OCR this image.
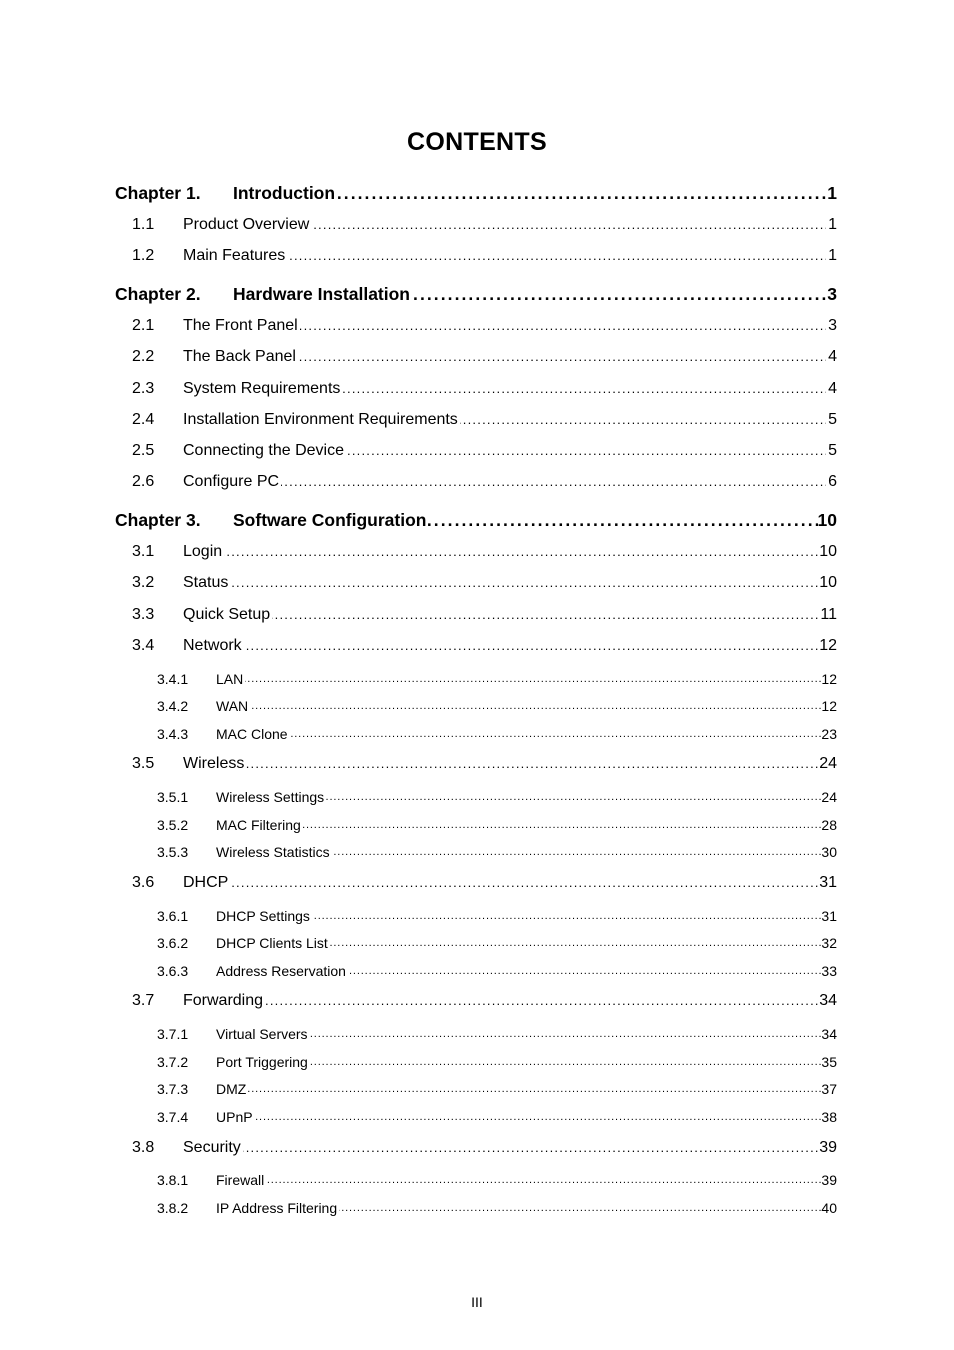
CONTENTS
. . .
Chapter 1. Introduction	1
. . .
1.1 Product Overview	1
. . .
1.2 Main Features	1
. . .
Chapter 2. Hardware Installation	3
. . .
2.1 The Front Panel	3
. . .
2.2 The Back Panel	4
. . .
2.3 System Requirements	4
. . .
2.4 Installation Environment Requirements	5
. . .
2.5 Connecting the Device	5
. . .
2.6 Configure PC	6
. . .
Chapter 3. Software Configuration	10
. . .
3.1 Login	10
. . .
3.2 Status	10
. . .
3.3 Quick Setup	11
. . .
3.4 Network	12
. . .
3.4.1 LAN	12
. . .
3.4.2 WAN	12
. . .
3.4.3 MAC Clone	23
. . .
3.5 Wireless	24
. . .
3.5.1 Wireless Settings	24
. . .
3.5.2 MAC Filtering	28
. . .
3.5.3 Wireless Statistics	30
. . .
3.6 DHCP	31
. . .
3.6.1 DHCP Settings	31
. . .
3.6.2 DHCP Clients List	32
. . .
3.6.3 Address Reservation	33
. . .
3.7 Forwarding	34
. . .
3.7.1 Virtual Servers	34
. . .
3.7.2 Port Triggering	35
. . .
3.7.3 DMZ	37
. . .
3.7.4 UPnP	38
. . .
3.8 Security	39
. . .
3.8.1 Firewall	39
. . .
3.8.2 IP Address Filtering	40
III
